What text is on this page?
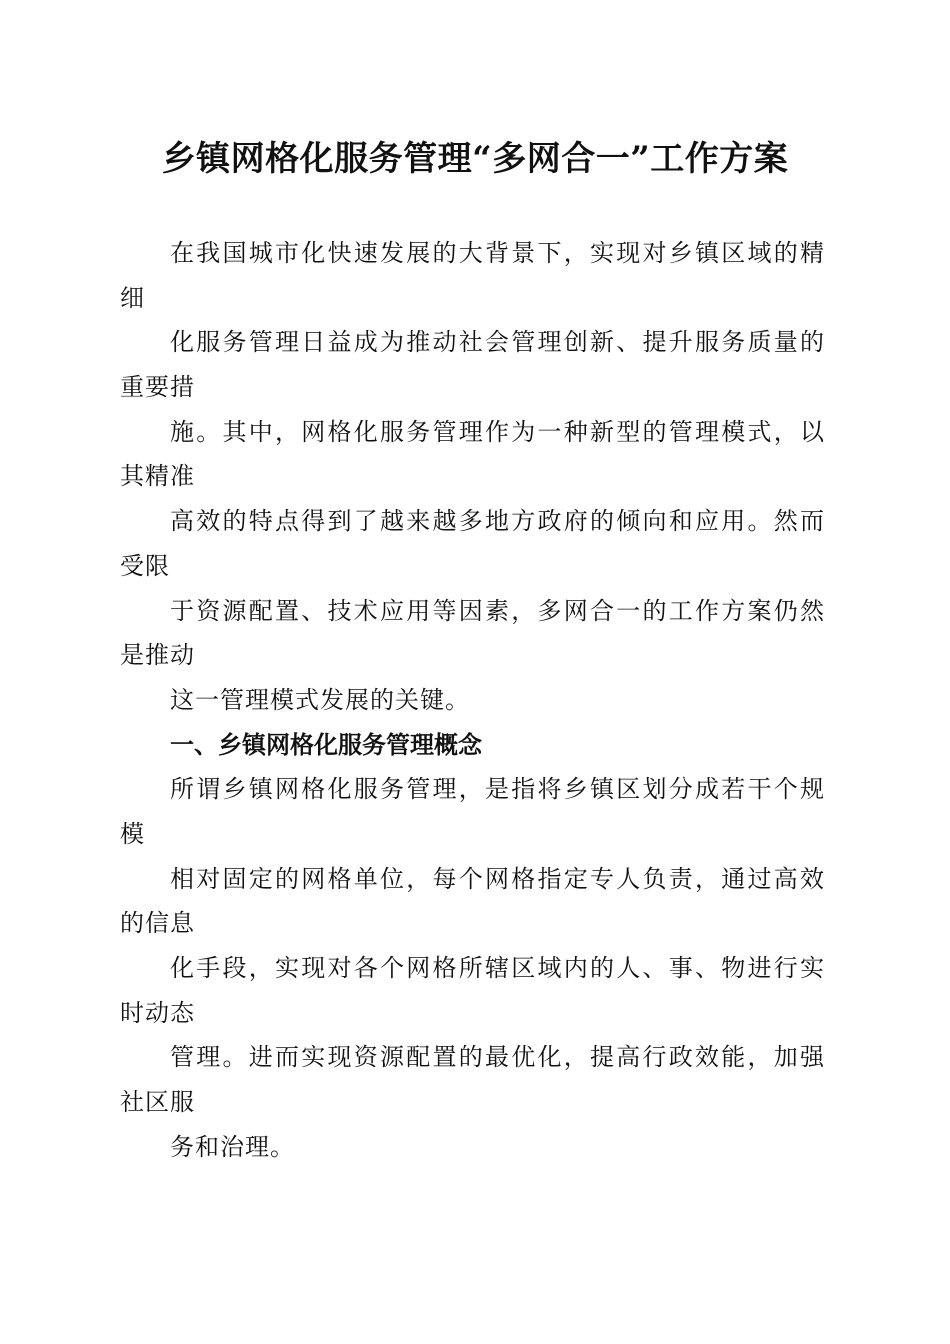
乡镇网格化服务管理“多网合一”工作方案
在我国城市化快速发展的大背景下，实现对乡镇区域的精
细
化服务管理日益成为推动社会管理创新、提升服务质量的
重要措
施。其中，网格化服务管理作为一种新型的管理模式，以
其精准
高效的特点得到了越来越多地方政府的倾向和应用。然而
受限
于资源配置、技术应用等因素，多网合一的工作方案仍然
是推动
这一管理模式发展的关键。
一、乡镇网格化服务管理概念
所谓乡镇网格化服务管理，是指将乡镇区划分成若干个规
模
相对固定的网格单位，每个网格指定专人负责，通过高效
的信息
化手段，实现对各个网格所辖区域内的人、事、物进行实
时动态
管理。进而实现资源配置的最优化，提高行政效能，加强
社区服
务和治理。
